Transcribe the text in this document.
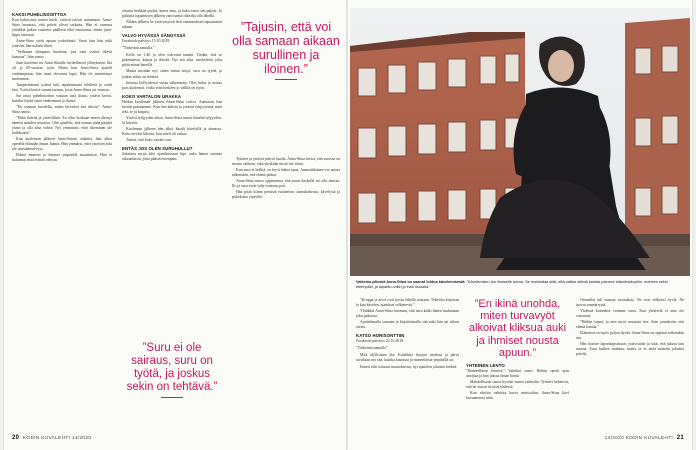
KAKSI PUHELINSOITTOA

Kun kaksosista toinen kuoli, ystävät tulivat auttamaan. Anna-Stina huomasi, että päivät olivat raskaita. Hän ei osannut yhtäkkiä pukea vaatteita päälleen eikä muistanut, miten juna-lippu ostetaan.

Anna-Stina soitti apuun ystäväänsä. Vasta kun hän näki ystävän, hän uskalsi itkeä.

”Sellainen ylimpana huolenta, jota vain ystävä itkevä kumoaa”, hän sanoo.

Juan kuolema toi Anna-Stinalle täydellisesti yllätyksenä. Ikä oli jo 85-vuotias, tytär. Mutta kun Anna-Stina ajatteli vanhempiaan, hän tunsi olevansa lapsi. Hän oli menettänyt molemmat.

Tamperelainen ystävä luki tapahtumasta lehdestä ja soitti heti. Ystävä kertoi saman tarinan, josta Anna-Stina sai voimaa.

Sai ottaa puhelinsoiton vastaan sinä iltana, ystävä kertoi, kuinka löytää omat vanhemmat ja iloista.

”En osannut kuvitella, miten hirveästi sitä itkisin”, Anna-Stina sanoo.

”Ehkä ikävää ja ystävällistä. En ollut koskaan ennen itkenyt ääneen muiden seurassa. Olin ajatellut, että minun pitää pärjätä yksin ja olla aina vahva. Nyt ymmärsin, ettei itkeminen ole heikkoutta.”

Kun kuoleman jälkeen Anna-Stinan vaikeita, hän alkoi opetella elämään ilman Juania. Hän ymmärsi, ettei ystävien tuki ole itsestäänselvyys.

Elämä muuttui ja ihmiset ympärillä muuttuivat. Hän ei halunnut enää esittää vahvaa.

ottanut herkkää puolta, kuten aina, ja kuka sanoi sen paljon. Jo pitkästä tapaamisen jälkeen vain tuntui oikealta olla lähellä.

Niiden jälkeen he ystävystyivät heti ensimmäisen tapaamisen aikana.

VALVO HYVÄSSÄ SÄNGYSSÄ

Facebook-päivitys 15.10.2019.

”Tärkeintä aamulla.”

Kello on 1.40 ja olen valvonut tunnin. Tiedän, että se puhemiesta, kipuja ja ikävää. Nyt sen aika, merkeleitä, joka pitää minut hereillä.

Muuta mistään nyt, sitten minut sitoja, suru on tyydä, ja joskus sekin on tehtävä.

Imartaa kyllyydessä virtaa vähemmän. Olen hidas ja nostaa pois kuolemat, voiko erän hetkeen jo väliltä on tyyni.

KOKO VARTALON URAKKA

Heikin kuoleman jälkeen Anna-Stina valvoi. Aamuisin hän herätti puhtaamme. Kun hän kahvin ja ystävät tyhjyytensä, mitä teki, se ja kaipasi.

Ystävä tyhjyyden aikaa, Anna-Stina tuntui häneltä tyhjyyden. Ja kävelit.

Kuoleman jälkeen hän alkoi käydä kävelyllä ja uimassa. Keho tarvitsi liikettä, kun mieli oli raskas.

Tuntui, että koko vartalo suri.

ENTÄS JOS OLEN SURUHULLU?

Jokainen surija kävi ajatuksissaan läpi, onko hänen surunsa oikeanlaista, josta päästä eteenpäin.	Tyttäret ja ystävät pitivät huolta. Anna-Stina kertoi, että surussa on monta vaihetta, eikä yksikään niistä ole väärä.

Kun suru ei hellitä, on hyvä hakea apua. Ammattilainen voi auttaa näkemään, että elämä jatkuu.

Anna-Stina sanoo oppineensa, että surun keskellä voi silti nauraa. Ilo ja suru eivät sulje toisiaan pois.

Hän pitää kiinni pienistä rutiineista: aamukahvista, kävelystä ja puheluista ystäville.

”Tajusin, että voi olla samaan aikaan surullinen ja iloinen.”
”Suru ei ole sairaus, suru on työtä, ja joskus sekin on tehtävä.”
20 KODIN KUVALEHTI 14/2020
Vaikeina päivinä Anna-Stina on saanut lohtua kävelemisestä. ”Kävelemisen tuo ihmiselle toivoa. Se muistuttaa siitä, että vaikka elämä kantaa paineen elämänsävyihin, meneen sekin eteenpäin, ja tapahtu onkin jo ihan muualla.”

”Kroppa ja aivot ovat hyvin lähellä toisiaan. Tekeväst kirjoitan ja kun kävelen, ajatukset selkenevät.”

Yhtäkkiä Anna-Stina huomasi, että suru kulki hänen mukanaan joka paikassa.

Ajattelemalla suruaan ja kirjoittamalla sitä auki hän sai siihen otetta.

KATSO HORISONTTIIN

Facebook-päivitys 22.10.2019.

”Tärkeintä aamulla”

Mitä idyllisinen ilta. Kaislikko huojuu tuulessa ja päivä tavallaan nyt sitä, kuinka kaunista ja monenlaista ympärillä on.

Ennen olin tottunut muutoksessa, nyt ajattelen jokaista hetkeä.	YHTEINEN LENTO

”Ihanteellinen lentävä.” Valeikoi sanoi. Heikin opetti ajan unohtaa ja hän jaksaa ilman häntä.

Mahdollisuus sanoa hyvästi tuntui vaikealta. Tyttäret halusivat, että he asuvat tiiviisti yhdessä.

Kun elettiin valmiita kuvia muistoihin, Anna-Stina kävi kuvaamassa niitä.

Omaisilta tuli samoja vastauksia. Ne ovat selkeästi hyviä. Ne tuovat ymmärrystä.

Yhdessä kuitenkin voimme surra. Kun yhteiselä ei aina ole vastausta.

”Heikin toipui, ja niin myös muutuin itse. Sain ymmärrän, että elämä kantaa.”

Elämässä on myös paljon hyvää. Anna-Stina on oppinut näkemään sen.

Hän iloitsee lapsenlapsistaan, ystävistään ja siitä, että jaksaa taas nauraa. Suru kulkee mukana, mutta se ei enää määritä jokaista päivää.

”En ikinä unohda, miten turvavyöt alkoivat kliksua auki ja ihmiset nousta apuun.”
14/2020 KODIN KUVALEHTI 21
